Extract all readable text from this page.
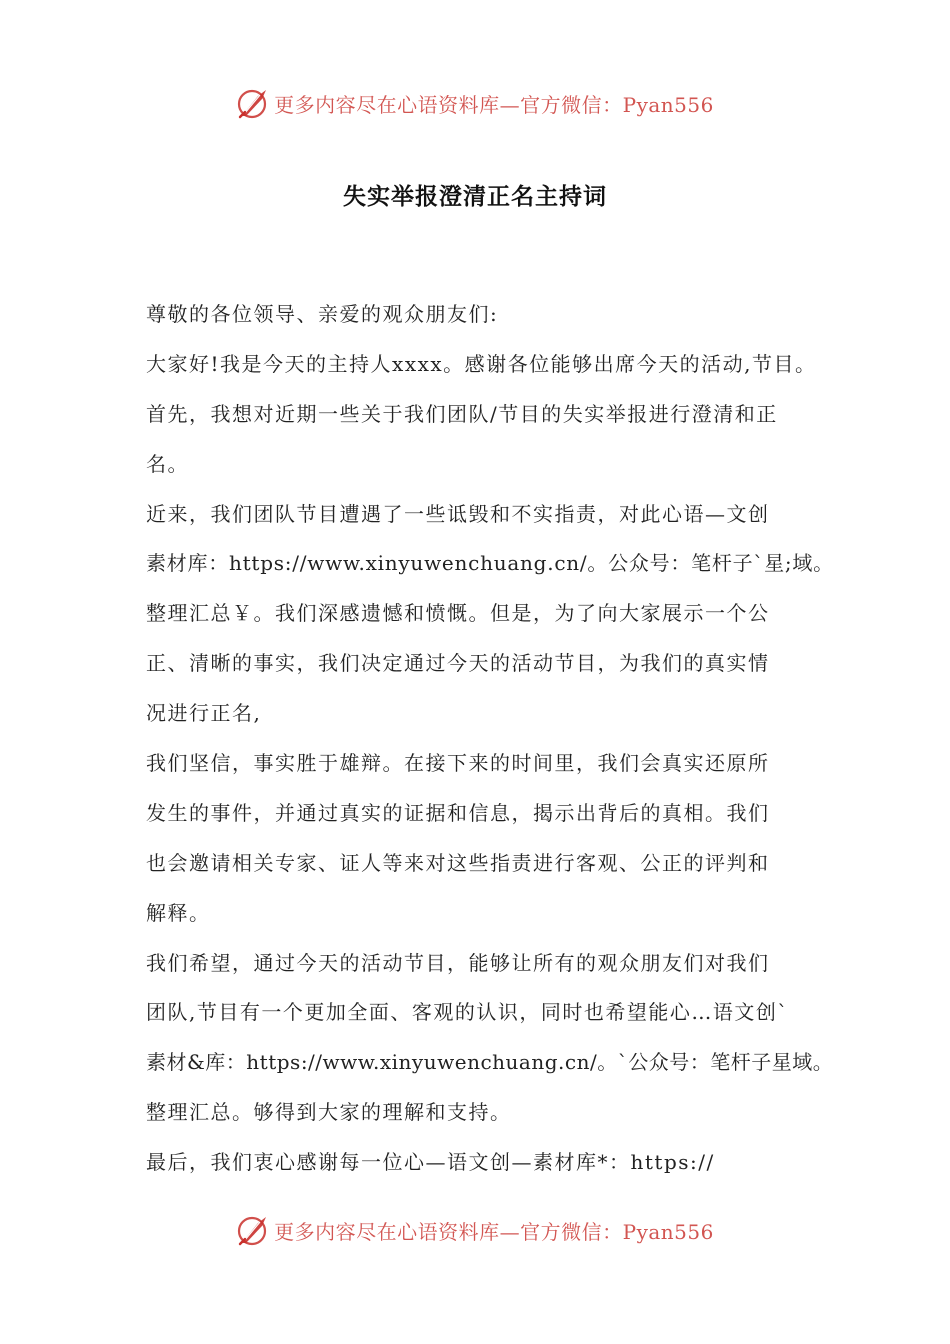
更多内容尽在心语资料库—官方微信：Pyan556
失实举报澄清正名主持词
尊敬的各位领导、亲爱的观众朋友们:
大家好!我是今天的主持人xxxx。感谢各位能够出席今天的活动,节目。
首先，我想对近期一些关于我们团队/节目的失实举报进行澄清和正
名。
近来，我们团队节目遭遇了一些诋毁和不实指责，对此心语—文创
素材库：https://www.xinyuwenchuang.cn/。公众号：笔杆子`星;域。
整理汇总￥。我们深感遗憾和愤慨。但是，为了向大家展示一个公
正、清晰的事实，我们决定通过今天的活动节目，为我们的真实情
况进行正名,
我们坚信，事实胜于雄辩。在接下来的时间里，我们会真实还原所
发生的事件，并通过真实的证据和信息，揭示出背后的真相。我们
也会邀请相关专家、证人等来对这些指责进行客观、公正的评判和
解释。
我们希望，通过今天的活动节目，能够让所有的观众朋友们对我们
团队,节目有一个更加全面、客观的认识，同时也希望能心…语文创`
素材&库：https://www.xinyuwenchuang.cn/。`公众号：笔杆子星域。
整理汇总。够得到大家的理解和支持。
最后，我们衷心感谢每一位心—语文创—素材库*：https://
更多内容尽在心语资料库—官方微信：Pyan556
